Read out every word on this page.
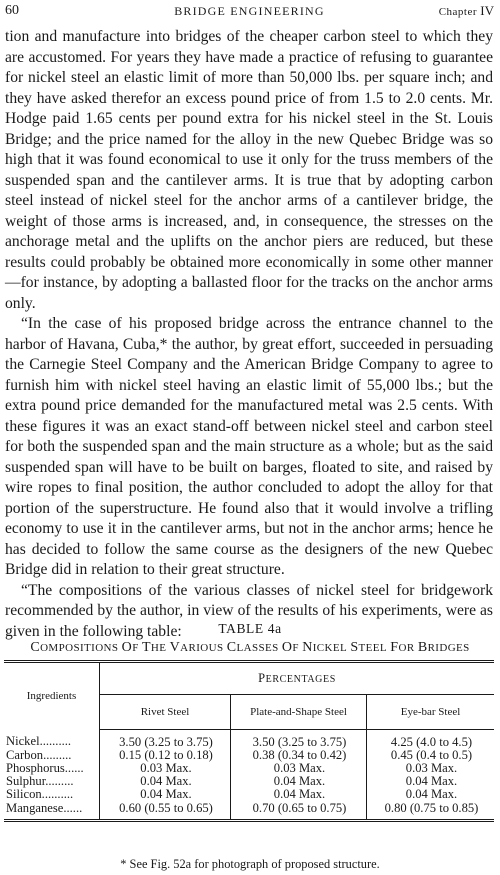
60	BRIDGE ENGINEERING	Chapter IV

tion and manufacture into bridges of the cheaper carbon steel to which they are accustomed. For years they have made a practice of refusing to guarantee for nickel steel an elastic limit of more than 50,000 lbs. per square inch; and they have asked therefor an excess pound price of from 1.5 to 2.0 cents. Mr. Hodge paid 1.65 cents per pound extra for his nickel steel in the St. Louis Bridge; and the price named for the alloy in the new Quebec Bridge was so high that it was found economical to use it only for the truss members of the suspended span and the cantilever arms. It is true that by adopting carbon steel instead of nickel steel for the anchor arms of a cantilever bridge, the weight of those arms is increased, and, in consequence, the stresses on the anchorage metal and the uplifts on the anchor piers are reduced, but these results could probably be obtained more economically in some other manner—for instance, by adopting a ballasted floor for the tracks on the anchor arms only.

“In the case of his proposed bridge across the entrance channel to the harbor of Havana, Cuba,* the author, by great effort, succeeded in persuading the Carnegie Steel Company and the American Bridge Company to agree to furnish him with nickel steel having an elastic limit of 55,000 lbs.; but the extra pound price demanded for the manufactured metal was 2.5 cents. With these figures it was an exact stand-off between nickel steel and carbon steel for both the suspended span and the main structure as a whole; but as the said suspended span will have to be built on barges, floated to site, and raised by wire ropes to final position, the author concluded to adopt the alloy for that portion of the superstructure. He found also that it would involve a trifling economy to use it in the cantilever arms, but not in the anchor arms; hence he has decided to follow the same course as the designers of the new Quebec Bridge did in relation to their great structure.

“The compositions of the various classes of nickel steel for bridgework recommended by the author, in view of the results of his experiments, were as given in the following table:	TABLE 4a
COMPOSITIONS OF THE VARIOUS CLASSES OF NICKEL STEEL FOR BRIDGES
Ingredients	PERCENTAGES		
	Rivet Steel	Plate-and-Shape Steel	Eye-bar Steel
Nickel..........	3.50 (3.25 to 3.75)	3.50 (3.25 to 3.75)	4.25 (4.0 to 4.5)
Carbon.........	0.15 (0.12 to 0.18)	0.38 (0.34 to 0.42)	0.45 (0.4 to 0.5)
Phosphorus......	0.03 Max.	0.03 Max.	0.03 Max.
Sulphur.........	0.04 Max.	0.04 Max.	0.04 Max.
Silicon..........	0.04 Max.	0.04 Max.	0.04 Max.
Manganese......	0.60 (0.55 to 0.65)	0.70 (0.65 to 0.75)	0.80 (0.75 to 0.85)
* See Fig. 52a for photograph of proposed structure.
